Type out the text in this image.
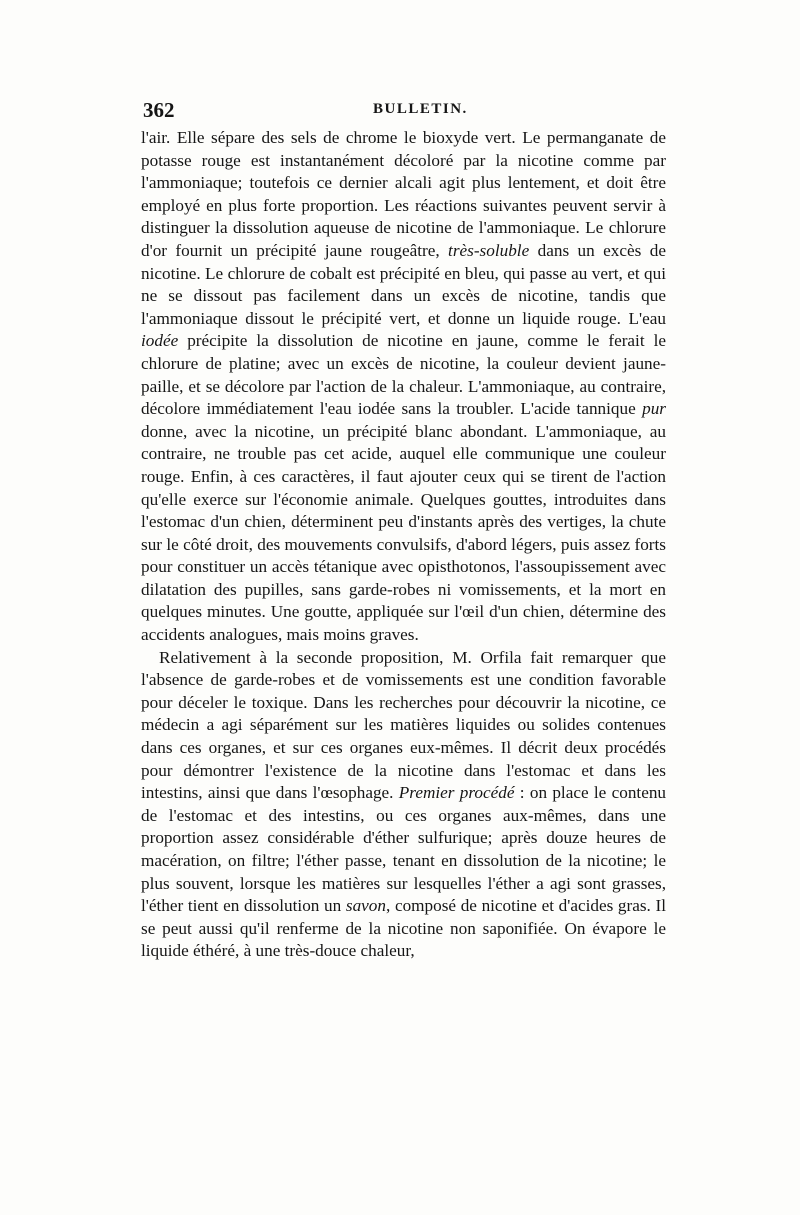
362	BULLETIN.

l'air. Elle sépare des sels de chrome le bioxyde vert. Le permanganate de potasse rouge est instantanément décoloré par la nicotine comme par l'ammoniaque; toutefois ce dernier alcali agit plus lentement, et doit être employé en plus forte proportion. Les réactions suivantes peuvent servir à distinguer la dissolution aqueuse de nicotine de l'ammoniaque. Le chlorure d'or fournit un précipité jaune rougeâtre, très-soluble dans un excès de nicotine. Le chlorure de cobalt est précipité en bleu, qui passe au vert, et qui ne se dissout pas facilement dans un excès de nicotine, tandis que l'ammoniaque dissout le précipité vert, et donne un liquide rouge. L'eau iodée précipite la dissolution de nicotine en jaune, comme le ferait le chlorure de platine; avec un excès de nicotine, la couleur devient jaune-paille, et se décolore par l'action de la chaleur. L'ammoniaque, au contraire, décolore immédiatement l'eau iodée sans la troubler. L'acide tannique pur donne, avec la nicotine, un précipité blanc abondant. L'ammoniaque, au contraire, ne trouble pas cet acide, auquel elle communique une couleur rouge. Enfin, à ces caractères, il faut ajouter ceux qui se tirent de l'action qu'elle exerce sur l'économie animale. Quelques gouttes, introduites dans l'estomac d'un chien, déterminent peu d'instants après des vertiges, la chute sur le côté droit, des mouvements convulsifs, d'abord légers, puis assez forts pour constituer un accès tétanique avec opisthotonos, l'assoupissement avec dilatation des pupilles, sans garde-robes ni vomissements, et la mort en quelques minutes. Une goutte, appliquée sur l'œil d'un chien, détermine des accidents analogues, mais moins graves.

Relativement à la seconde proposition, M. Orfila fait remarquer que l'absence de garde-robes et de vomissements est une condition favorable pour déceler le toxique. Dans les recherches pour découvrir la nicotine, ce médecin a agi séparément sur les matières liquides ou solides contenues dans ces organes, et sur ces organes eux-mêmes. Il décrit deux procédés pour démontrer l'existence de la nicotine dans l'estomac et dans les intestins, ainsi que dans l'œsophage. Premier procédé : on place le contenu de l'estomac et des intestins, ou ces organes aux-mêmes, dans une proportion assez considérable d'éther sulfurique; après douze heures de macération, on filtre; l'éther passe, tenant en dissolution de la nicotine; le plus souvent, lorsque les matières sur lesquelles l'éther a agi sont grasses, l'éther tient en dissolution un savon, composé de nicotine et d'acides gras. Il se peut aussi qu'il renferme de la nicotine non saponifiée. On évapore le liquide éthéré, à une très-douce chaleur,
